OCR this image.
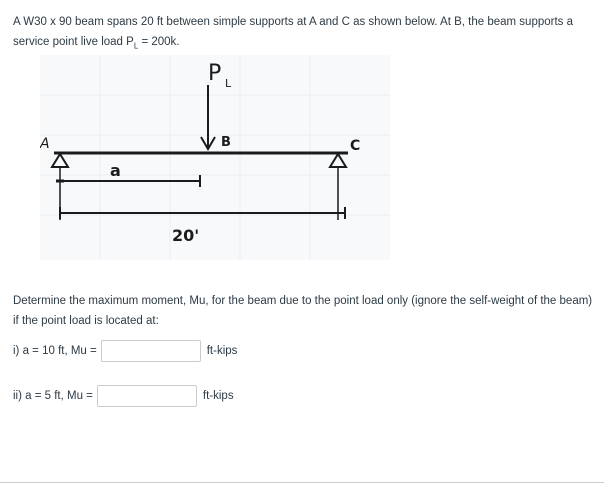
A W30 x 90 beam spans 20 ft between simple supports at A and C as shown below. At B, the beam supports a service point live load $P_L = 200k$.

P L
A	B	C
a
20'

Determine the maximum moment, Mu, for the beam due to the point load only (ignore the self-weight of the beam) if the point load is located at:

i) a = 10 ft, Mu =	ft-kips
ii) a = 5 ft, Mu =	ft-kips
